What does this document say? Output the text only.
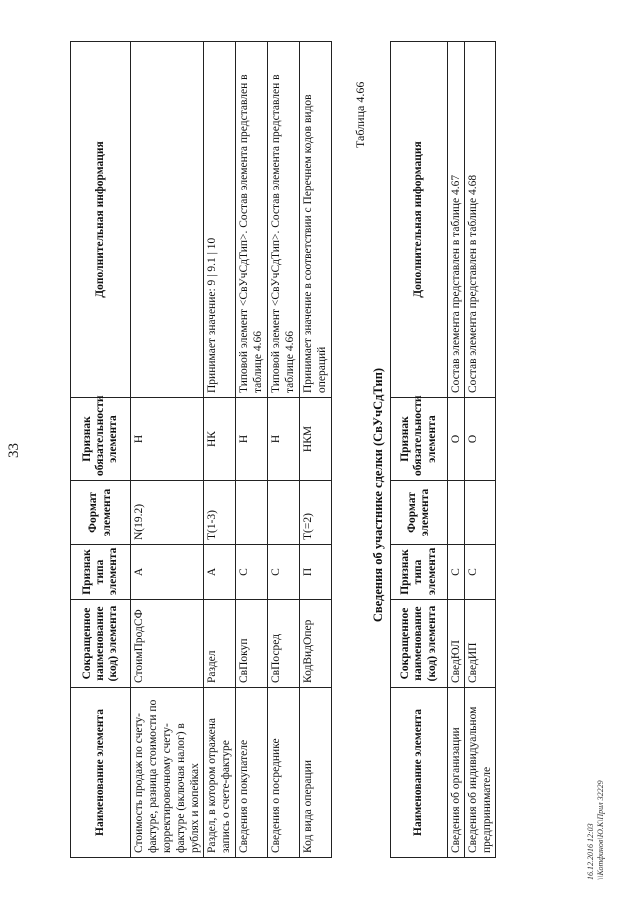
33
Наименование элемента	Сокращенное наименование (код) элемента	Признак типа элемента	Формат элемента	Признак обязательности элемента	Дополнительная информация
Стоимость продаж по счету-фактуре, разница стоимости по корректировочному счету-фактуре (включая налог) в рублях и копейках	СтоимПродСФ	А	N(19.2)	Н	
Раздел, в котором отражена запись о счете-фактуре	Раздел	А	T(1-3)	НК	Принимает значение: 9 | 9.1 | 10
Сведения о покупателе	СвПокуп	С		Н	Типовой элемент <СвУчСдТип>. Состав элемента представлен в таблице 4.66
Сведения о посреднике	СвПосред	С		Н	Типовой элемент <СвУчСдТип>. Состав элемента представлен в таблице 4.66
Код вида операции	КодВидОпер	П	T(=2)	НКМ	Принимает значение в соответствии с Перечнем кодов видов операций
Таблица 4.66
Сведения об участнике сделки (СвУчСдТип)
Наименование элемента	Сокращенное наименование (код) элемента	Признак типа элемента	Формат элемента	Признак обязательности элемента	Дополнительная информация
Сведения об организации	СведЮЛ	С		О	Состав элемента представлен в таблице 4.67
Сведения об индивидуальном предпринимателе	СведИП	С		О	Состав элемента представлен в таблице 4.68
16.12.2016 12:03 \\Котфинов\Ю.К\Прил 32229
